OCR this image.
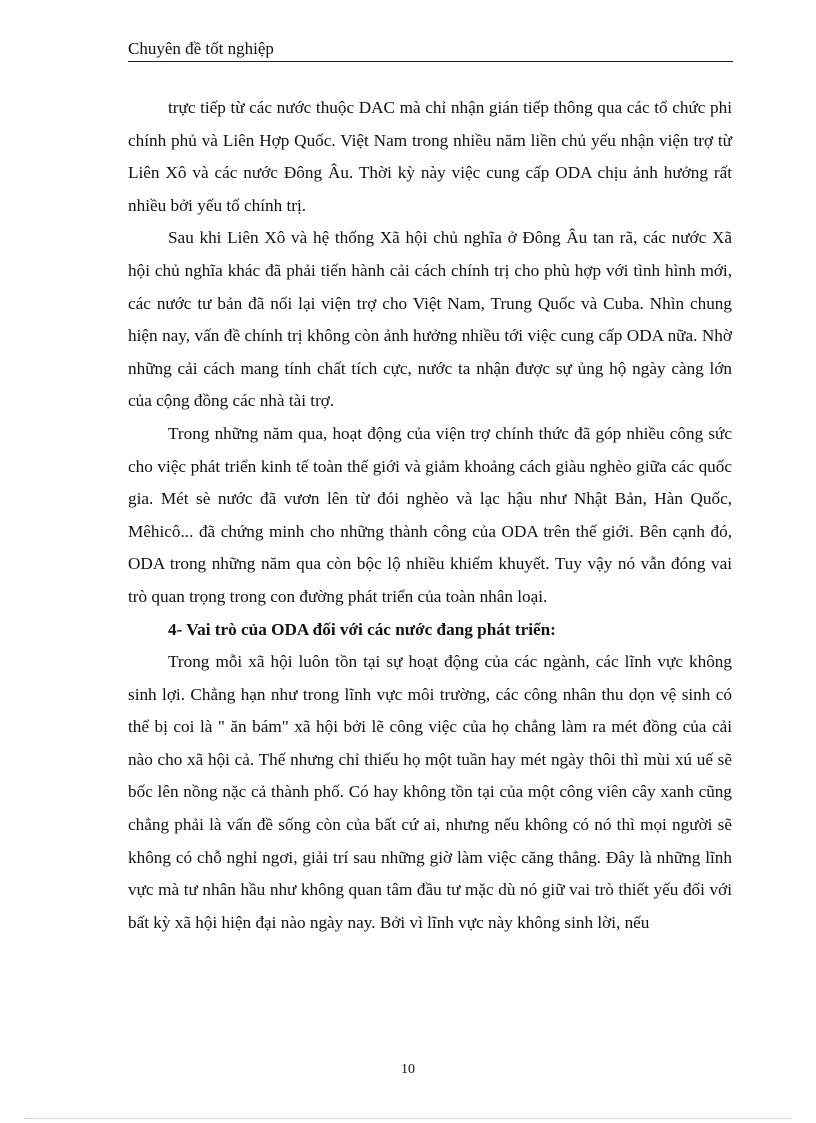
Chuyên đề tốt nghiệp

trực tiếp từ các nước thuộc DAC mà chỉ nhận gián tiếp thông qua các tổ chức phi chính phủ và Liên Hợp Quốc. Việt Nam trong nhiều năm liền chủ yếu nhận viện trợ từ Liên Xô và các nước Đông Âu. Thời kỳ này việc cung cấp ODA chịu ảnh hưởng rất nhiều bởi yếu tố chính trị.

Sau khi Liên Xô và hệ thống Xã hội chủ nghĩa ở Đông Âu tan rã, các nước Xã hội chủ nghĩa khác đã phải tiến hành cải cách chính trị cho phù hợp với tình hình mới, các nước tư bản đã nối lại viện trợ cho Việt Nam, Trung Quốc và Cuba. Nhìn chung hiện nay, vấn đề chính trị không còn ảnh hưởng nhiều tới việc cung cấp ODA nữa. Nhờ những cải cách mang tính chất tích cực, nước ta nhận được sự ủng hộ ngày càng lớn của cộng đồng các nhà tài trợ.

Trong những năm qua, hoạt động của viện trợ chính thức đã góp nhiều công sức cho việc phát triển kinh tế toàn thế giới và giảm khoảng cách giàu nghèo giữa các quốc gia. Mét sè nước đã vươn lên từ đói nghèo và lạc hậu như Nhật Bản, Hàn Quốc, Mêhicô... đã chứng minh cho những thành công của ODA trên thế giới. Bên cạnh đó, ODA trong những năm qua còn bộc lộ nhiều khiếm khuyết. Tuy vậy nó vẫn đóng vai trò quan trọng trong con đường phát triển của toàn nhân loại.

4- Vai trò của ODA đối với các nước đang phát triển:

Trong mỗi xã hội luôn tồn tại sự hoạt động của các ngành, các lĩnh vực không sinh lợi. Chẳng hạn như trong lĩnh vực môi trường, các công nhân thu dọn vệ sinh có thể bị coi là " ăn bám" xã hội bởi lẽ công việc của họ chẳng làm ra mét đồng của cải nào cho xã hội cả. Thế nhưng chỉ thiếu họ một tuần hay mét ngày thôi thì mùi xú uế sẽ bốc lên nồng nặc cả thành phố. Có hay không tồn tại của một công viên cây xanh cũng chẳng phải là vấn đề sống còn của bất cứ ai, nhưng nếu không có nó thì mọi người sẽ không có chỗ nghỉ ngơi, giải trí sau những giờ làm việc căng thẳng. Đây là những lĩnh vực mà tư nhân hầu như không quan tâm đầu tư mặc dù nó giữ vai trò thiết yếu đối với bất kỳ xã hội hiện đại nào ngày nay. Bởi vì lĩnh vực này không sinh lời, nếu

10
